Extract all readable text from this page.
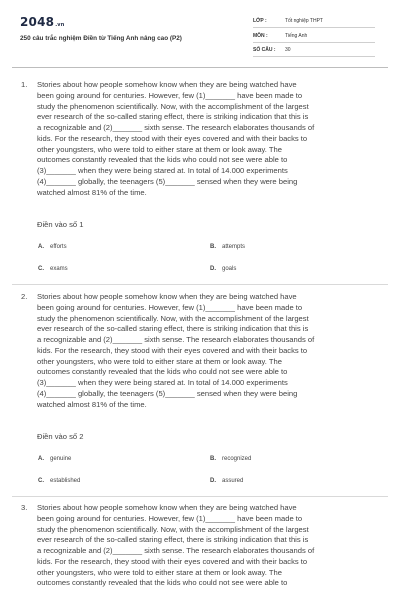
2048.vn
250 câu trắc nghiệm Điền từ Tiếng Anh nâng cao (P2)
LỚP :	Tốt nghiệp THPT
MÔN :	Tiếng Anh
SỐ CÂU :	30
1. Stories about how people somehow know when they are being watched have
been going around for centuries. However, few (1)_______ have been made to
study the phenomenon scientifically. Now, with the accomplishment of the largest
ever research of the so-called staring effect, there is striking indication that this is
a recognizable and (2)_______ sixth sense. The research elaborates thousands of
kids. For the research, they stood with their eyes covered and with their backs to
other youngsters, who were told to either stare at them or look away. The
outcomes constantly revealed that the kids who could not see were able to
(3)_______ when they were being stared at. In total of 14.000 experiments
(4)_______ globally, the teenagers (5)_______ sensed when they were being
watched almost 81% of the time.
Điền vào số 1
A. efforts	B. attempts
C. exams	D. goals
2. Stories about how people somehow know when they are being watched have
been going around for centuries. However, few (1)_______ have been made to
study the phenomenon scientifically. Now, with the accomplishment of the largest
ever research of the so-called staring effect, there is striking indication that this is
a recognizable and (2)_______ sixth sense. The research elaborates thousands of
kids. For the research, they stood with their eyes covered and with their backs to
other youngsters, who were told to either stare at them or look away. The
outcomes constantly revealed that the kids who could not see were able to
(3)_______ when they were being stared at. In total of 14.000 experiments
(4)_______ globally, the teenagers (5)_______ sensed when they were being
watched almost 81% of the time.
Điền vào số 2
A. genuine	B. recognized
C. established	D. assured
3. Stories about how people somehow know when they are being watched have
been going around for centuries. However, few (1)_______ have been made to
study the phenomenon scientifically. Now, with the accomplishment of the largest
ever research of the so-called staring effect, there is striking indication that this is
a recognizable and (2)_______ sixth sense. The research elaborates thousands of
kids. For the research, they stood with their eyes covered and with their backs to
other youngsters, who were told to either stare at them or look away. The
outcomes constantly revealed that the kids who could not see were able to
